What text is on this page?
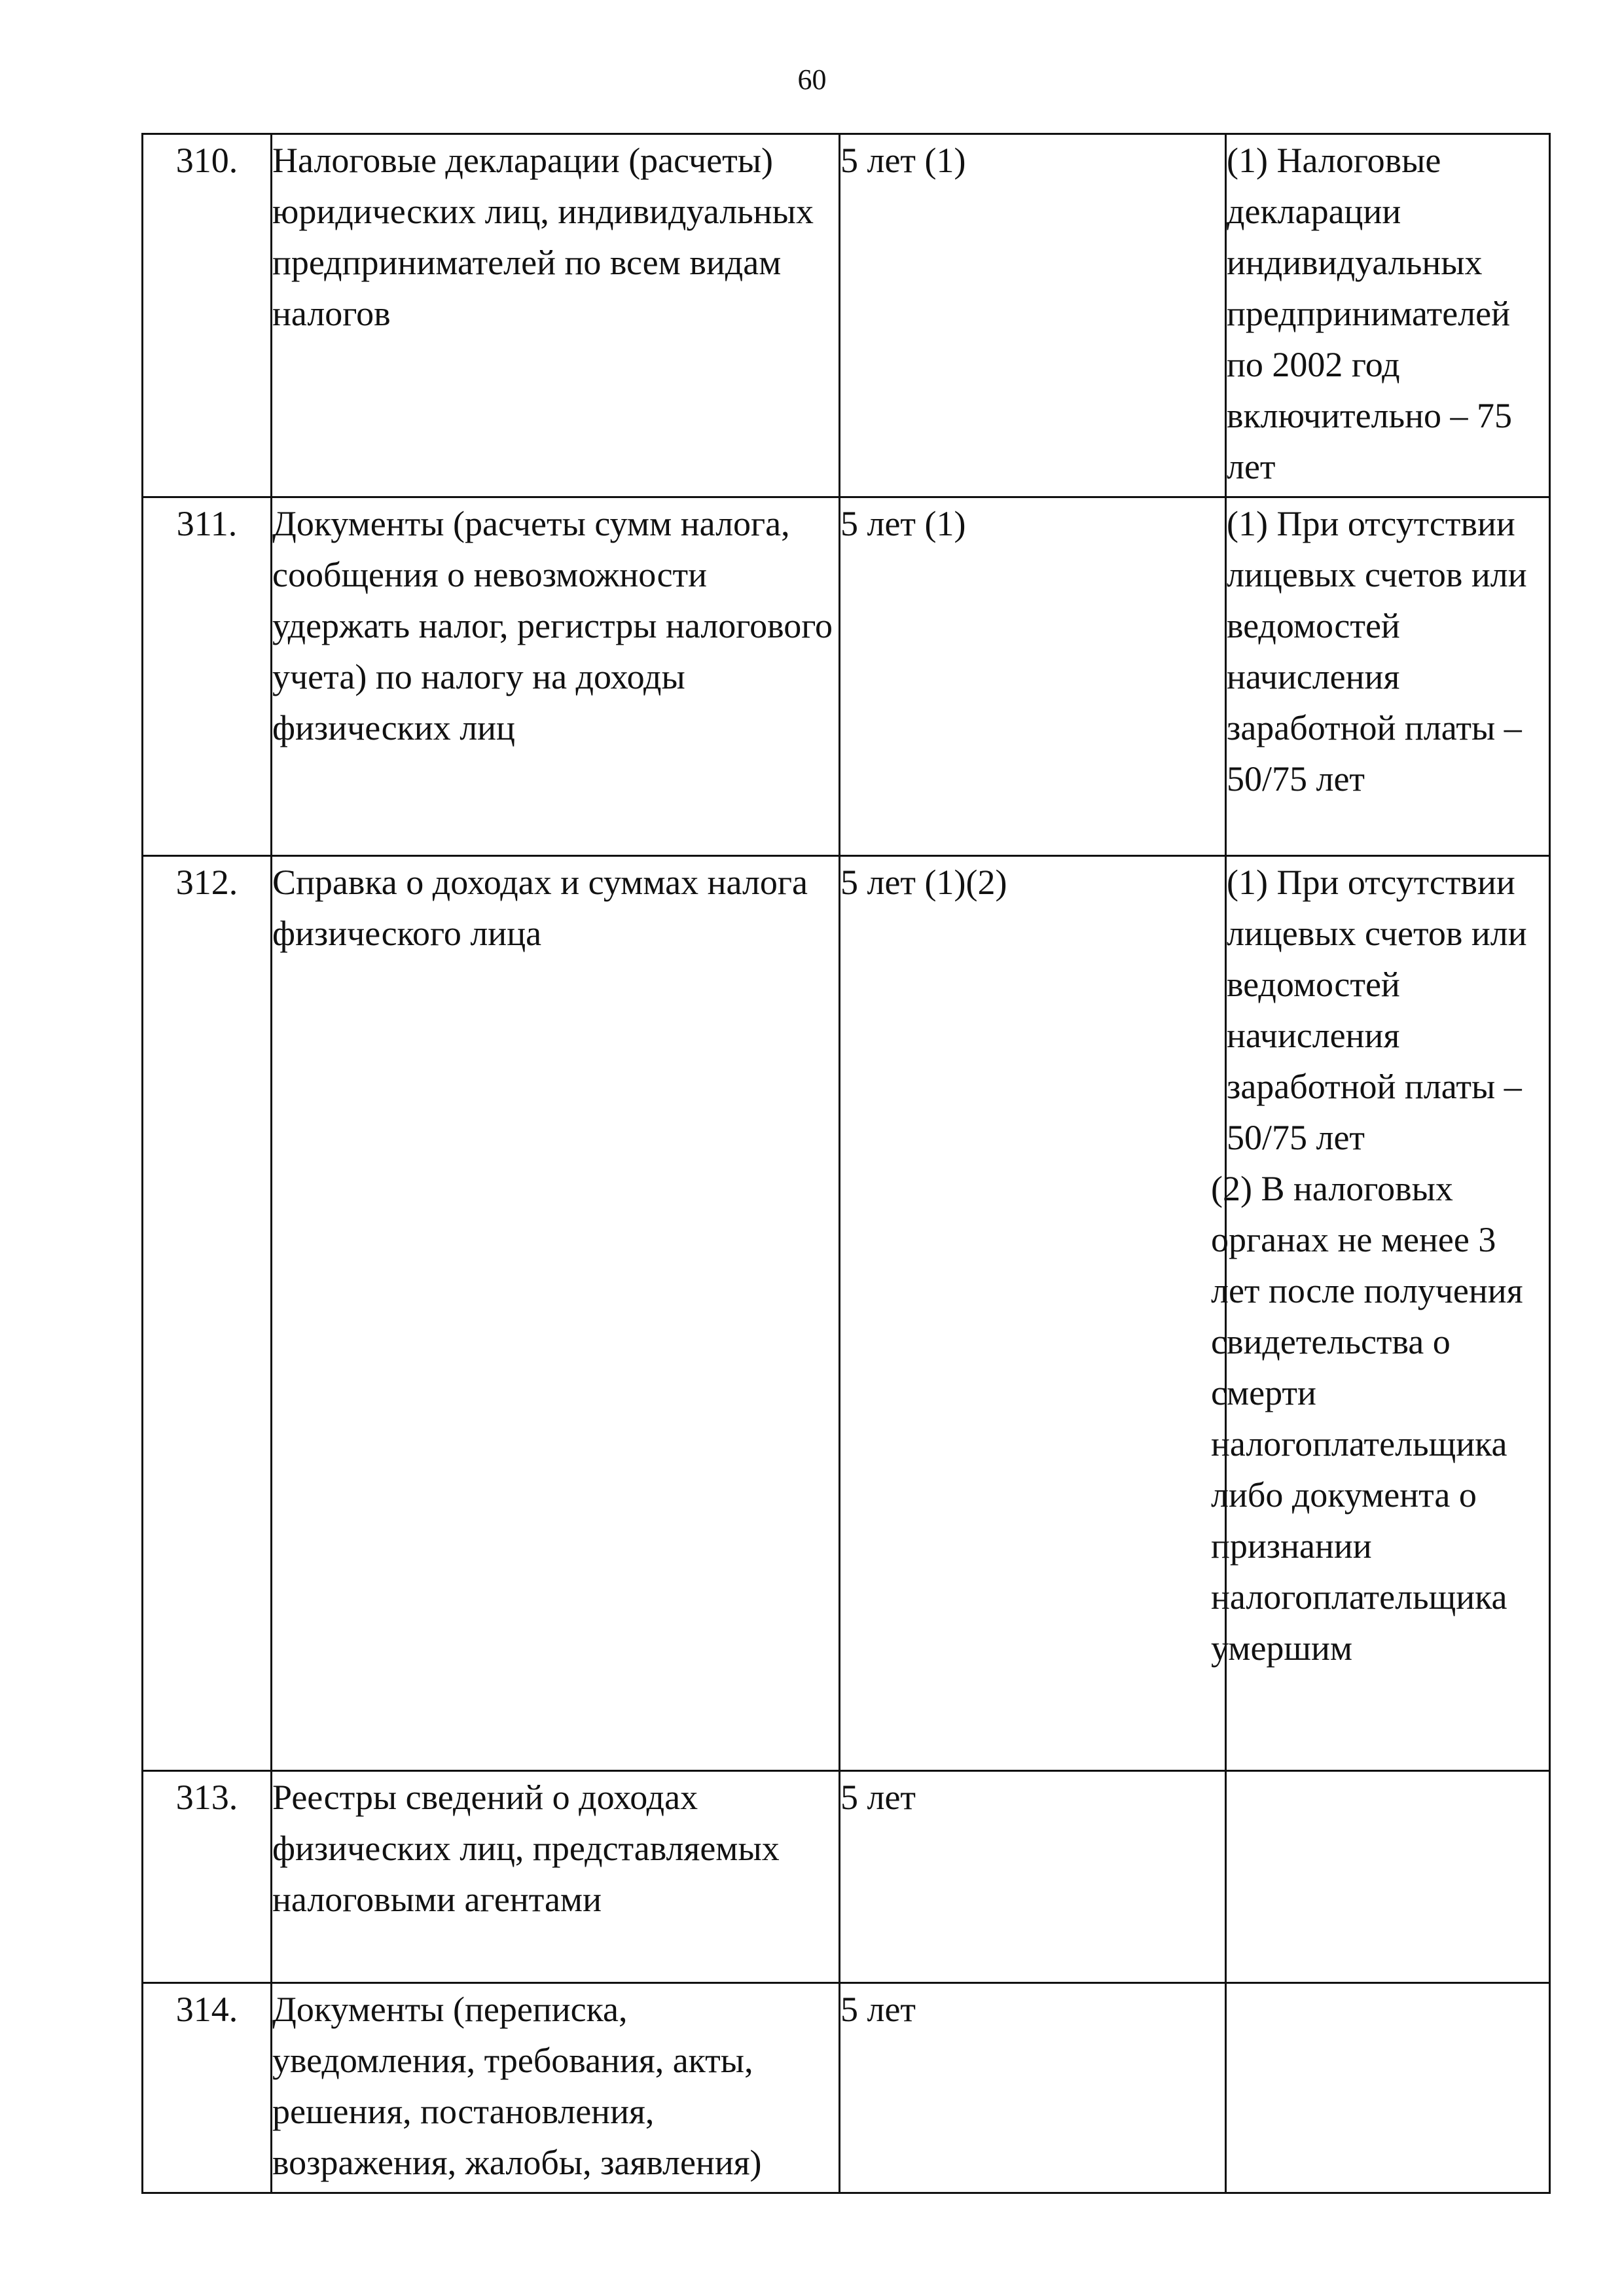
60
310.	Налоговые декларации (расчеты) юридических лиц, индивидуальных предпринимателей по всем видам налогов	5 лет (1)	(1) Налоговые декларации индивидуальных предпринимателей по 2002 год включительно – 75 лет

311.	Документы (расчеты сумм налога, сообщения о невозможности удержать налог, регистры налогового учета) по налогу на доходы физических лиц	5 лет (1)	(1) При отсутствии лицевых счетов или ведомостей начисления заработной платы – 50/75 лет

312.	Справка о доходах и суммах налога физического лица	5 лет (1)(2)	(1) При отсутствии лицевых счетов или ведомостей начисления заработной платы – 50/75 лет
(2) В налоговых органах не менее 3 лет после получения свидетельства о смерти налогоплательщика либо документа о признании налогоплательщика умершим

313.	Реестры сведений о доходах физических лиц, представляемых налоговыми агентами	5 лет	
314.	Документы (переписка, уведомления, требования, акты, решения, постановления, возражения, жалобы, заявления)	5 лет	
